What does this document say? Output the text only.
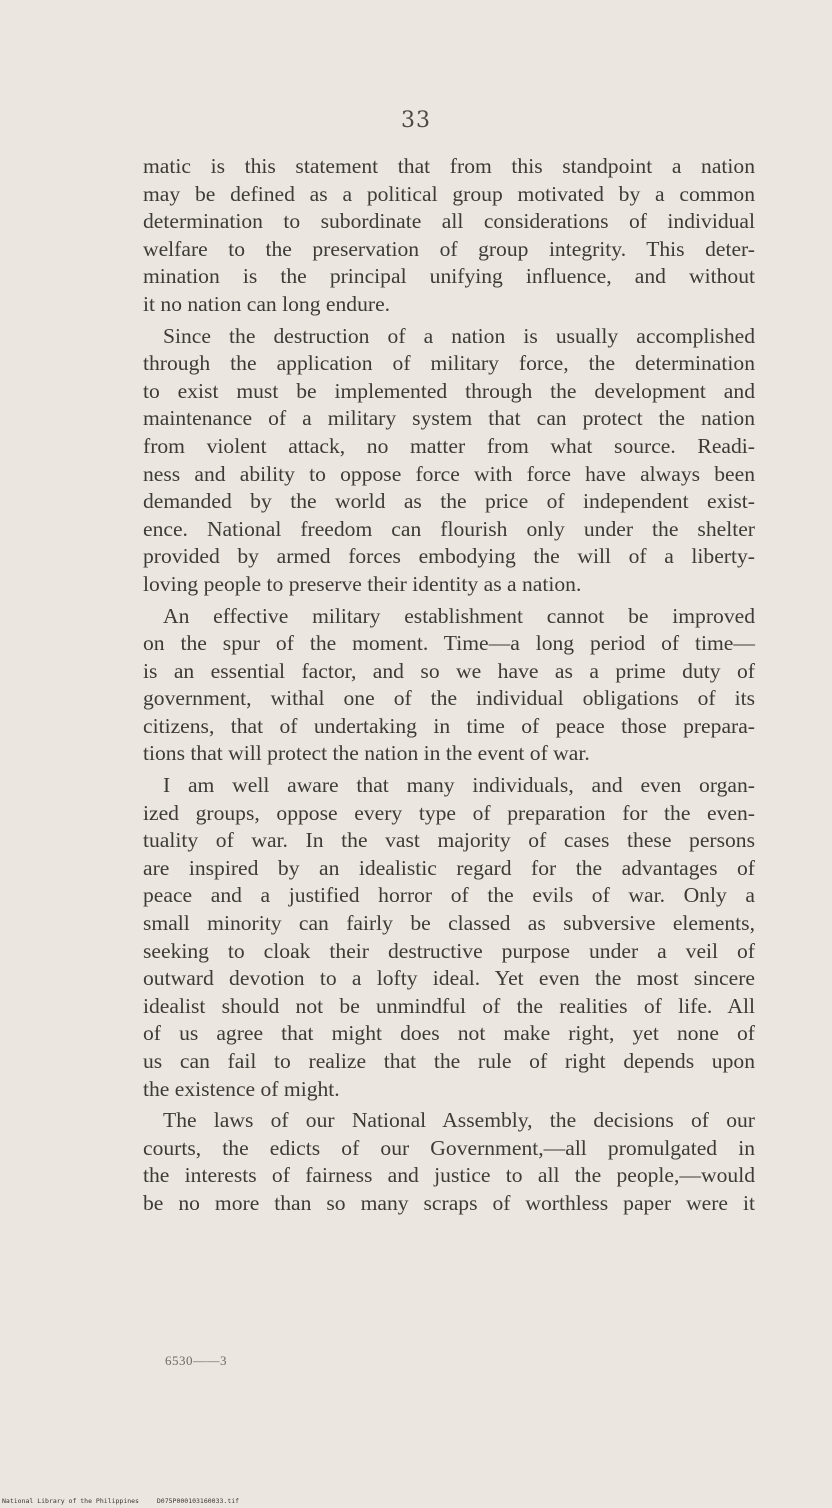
33
matic is this statement that from this standpoint a nation
may be defined as a political group motivated by a common
determination to subordinate all considerations of individual
welfare to the preservation of group integrity. This deter-
mination is the principal unifying influence, and without
it no nation can long endure.
Since the destruction of a nation is usually accomplished
through the application of military force, the determination
to exist must be implemented through the development and
maintenance of a military system that can protect the nation
from violent attack, no matter from what source. Readi-
ness and ability to oppose force with force have always been
demanded by the world as the price of independent exist-
ence. National freedom can flourish only under the shelter
provided by armed forces embodying the will of a liberty-
loving people to preserve their identity as a nation.
An effective military establishment cannot be improved
on the spur of the moment. Time—a long period of time—
is an essential factor, and so we have as a prime duty of
government, withal one of the individual obligations of its
citizens, that of undertaking in time of peace those prepara-
tions that will protect the nation in the event of war.
I am well aware that many individuals, and even organ-
ized groups, oppose every type of preparation for the even-
tuality of war. In the vast majority of cases these persons
are inspired by an idealistic regard for the advantages of
peace and a justified horror of the evils of war. Only a
small minority can fairly be classed as subversive elements,
seeking to cloak their destructive purpose under a veil of
outward devotion to a lofty ideal. Yet even the most sincere
idealist should not be unmindful of the realities of life. All
of us agree that might does not make right, yet none of
us can fail to realize that the rule of right depends upon
the existence of might.
The laws of our National Assembly, the decisions of our
courts, the edicts of our Government,—all promulgated in
the interests of fairness and justice to all the people,—would
be no more than so many scraps of worthless paper were it
6530——3
National Library of the Philippines	D075P000103160033.tif
